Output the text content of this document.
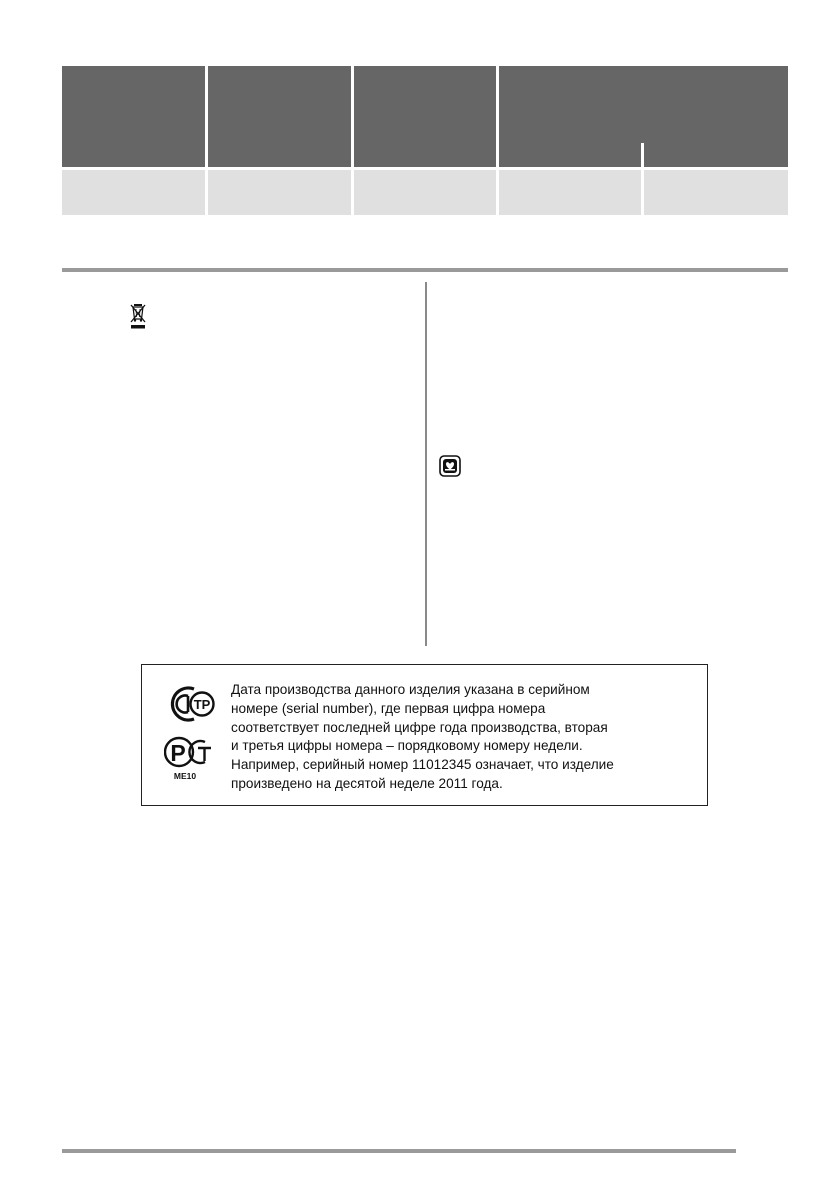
ТР
Р
ME10

Дата производства данного изделия указана в серийном
номере (serial number), где первая цифра номера
соответствует последней цифре года производства, вторая
и третья цифры номера – порядковому номеру недели.
Например, серийный номер 11012345 означает, что изделие
произведено на десятой неделе 2011 года.
